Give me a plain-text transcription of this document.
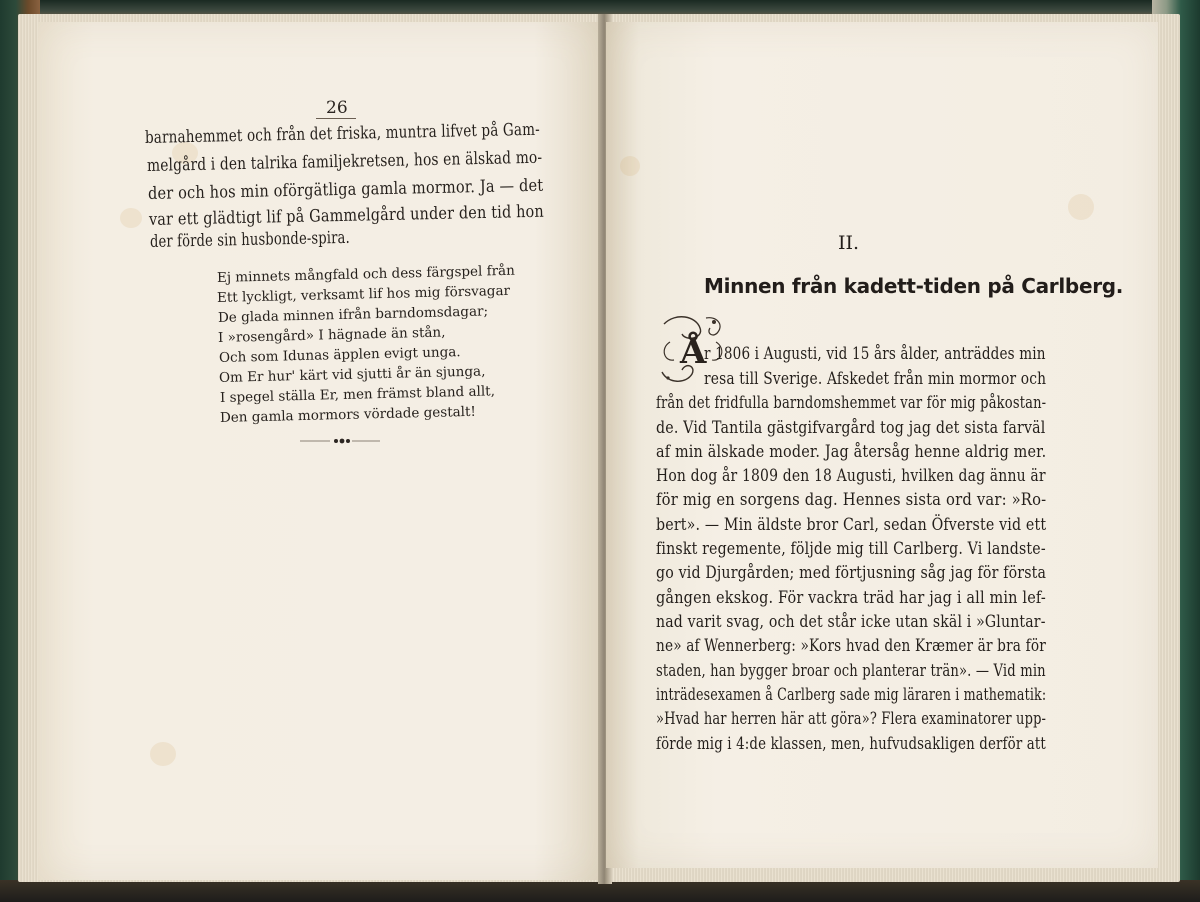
26
barnahemmet och från det friska, muntra lifvet på Gam-
melgård i den talrika familjekretsen, hos en älskad mo-
der och hos min oförgätliga gamla mormor. Ja — det
var ett glädtigt lif på Gammelgård under den tid hon
der förde sin husbonde-spira.
Ej minnets mångfald och dess färgspel från
Ett lyckligt, verksamt lif hos mig försvagar
De glada minnen ifrån barndomsdagar;
I »rosengård» I hägnade än stån,
Och som Idunas äpplen evigt unga.
Om Er hur' kärt vid sjutti år än sjunga,
I spegel ställa Er, men främst bland allt,
Den gamla mormors vördade gestalt!
II.
Minnen från kadett-tiden på Carlberg.
Å
r 1806 i Augusti, vid 15 års ålder, anträddes min
resa till Sverige. Afskedet från min mormor och
från det fridfulla barndomshemmet var för mig påkostan-
de. Vid Tantila gästgifvargård tog jag det sista farväl
af min älskade moder. Jag återsåg henne aldrig mer.
Hon dog år 1809 den 18 Augusti, hvilken dag ännu är
för mig en sorgens dag. Hennes sista ord var: »Ro-
bert». — Min äldste bror Carl, sedan Öfverste vid ett
finskt regemente, följde mig till Carlberg. Vi landste-
go vid Djurgården; med förtjusning såg jag för första
gången ekskog. För vackra träd har jag i all min lef-
nad varit svag, och det står icke utan skäl i »Gluntar-
ne» af Wennerberg: »Kors hvad den Kræmer är bra för
staden, han bygger broar och planterar trän». — Vid min
inträdesexamen å Carlberg sade mig läraren i mathematik:
»Hvad har herren här att göra»? Flera examinatorer upp-
förde mig i 4:de klassen, men, hufvudsakligen derför att
